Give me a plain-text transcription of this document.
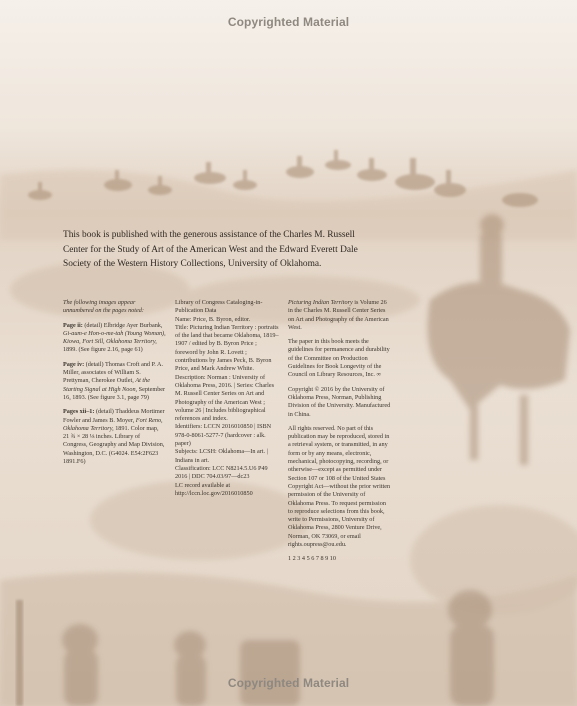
Copyrighted Material
This book is published with the generous assistance of the Charles M. Russell Center for the Study of Art of the American West and the Edward Everett Dale Society of the Western History Collections, University of Oklahoma.

The following images appear unnumbered on the pages noted:

Page ii: (detail) Elbridge Ayer Burbank, Gi-aum-e Hon-o-me-tah (Young Woman), Kiowa, Fort Sill, Oklahoma Territory, 1899. (See figure 2.16, page 61)

Page iv: (detail) Thomas Croft and P. A. Miller, associates of William S. Prettyman, Cherokee Outlet, At the Starting Signal at High Noon, September 16, 1893. (See figure 3.1, page 79)

Pages xii–1: (detail) Thaddeus Mortimer Fowler and James B. Moyer, Fort Reno, Oklahoma Territory, 1891. Color map, 21 ¾ × 28 ⅛ inches. Library of Congress, Geography and Map Division, Washington, D.C. (G4024. E54:2F623 1891.F6)

Library of Congress Cataloging-in-Publication Data
Name: Price, B. Byron, editor.
Title: Picturing Indian Territory : portraits of the land that became Oklahoma, 1819–1907 / edited by B. Byron Price ; foreword by John R. Lovett ; contributions by James Peck, B. Byron Price, and Mark Andrew White.
Description: Norman : University of Oklahoma Press, 2016. | Series: Charles M. Russell Center Series on Art and Photography of the American West ; volume 26 | Includes bibliographical references and index.
Identifiers: LCCN 2016010850 | ISBN 978-0-8061-5277-7 (hardcover : alk. paper)
Subjects: LCSH: Oklahoma—In art. | Indians in art.
Classification: LCC N8214.5.U6 P49 2016 | DDC 704.03/97—dc23
LC record available at http://lccn.loc.gov/2016010850

Picturing Indian Territory is Volume 26 in the Charles M. Russell Center Series on Art and Photography of the American West.

The paper in this book meets the guidelines for permanence and durability of the Committee on Production Guidelines for Book Longevity of the Council on Library Resources, Inc. ∞

Copyright © 2016 by the University of Oklahoma Press, Norman, Publishing Division of the University. Manufactured in China.

All rights reserved. No part of this publication may be reproduced, stored in a retrieval system, or transmitted, in any form or by any means, electronic, mechanical, photocopying, recording, or otherwise—except as permitted under Section 107 or 108 of the United States Copyright Act—without the prior written permission of the University of Oklahoma Press. To request permission to reproduce selections from this book, write to Permissions, University of Oklahoma Press, 2800 Venture Drive, Norman, OK 73069, or email rights.oupress@ou.edu.

1 2 3 4 5 6 7 8 9 10

Copyrighted Material
